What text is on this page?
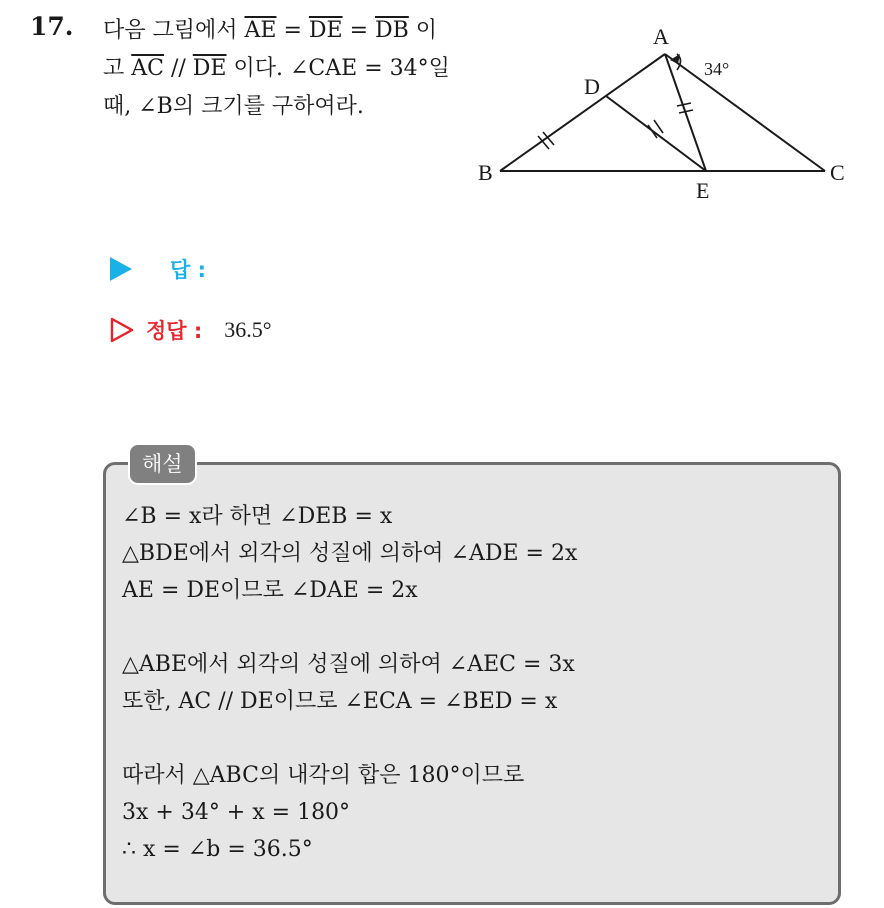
17. 다음 그림에서 $\overline{AE} = \overline{DE} = \overline{DB}$ 이고 $\overline{AC} // \overline{DE}$ 이다. ∠CAE = 34°일 때, ∠B의 크기를 구하여라.
A
B	C
D
E
34°
답 :
정답 : 36.5°
해설
∠B = x라 하면 ∠DEB = x
△BDE에서 외각의 성질에 의하여 ∠ADE = 2x
AE = DE이므로 ∠DAE = 2x
△ABE에서 외각의 성질에 의하여 ∠AEC = 3x
또한, AC // DE이므로 ∠ECA = ∠BED = x
따라서 △ABC의 내각의 합은 180°이므로
3x + 34° + x = 180°
∴ x = ∠b = 36.5°
